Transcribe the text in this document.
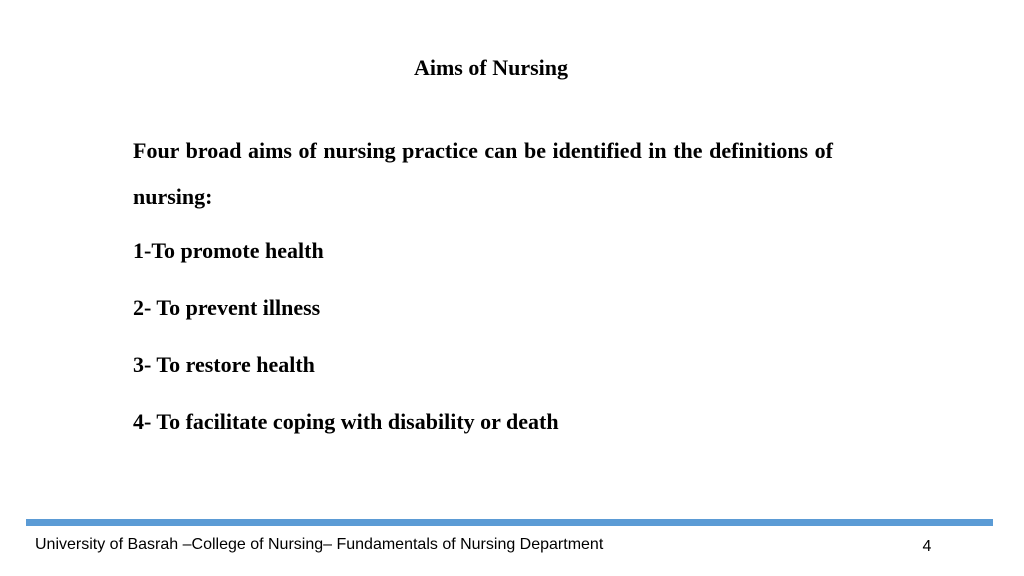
Aims of Nursing

Four broad aims of nursing practice can be identified in the definitions of nursing:

1-To promote health

2- To prevent illness

3- To restore health

4- To facilitate coping with disability or death

University of Basrah –College of Nursing– Fundamentals of Nursing Department	4
